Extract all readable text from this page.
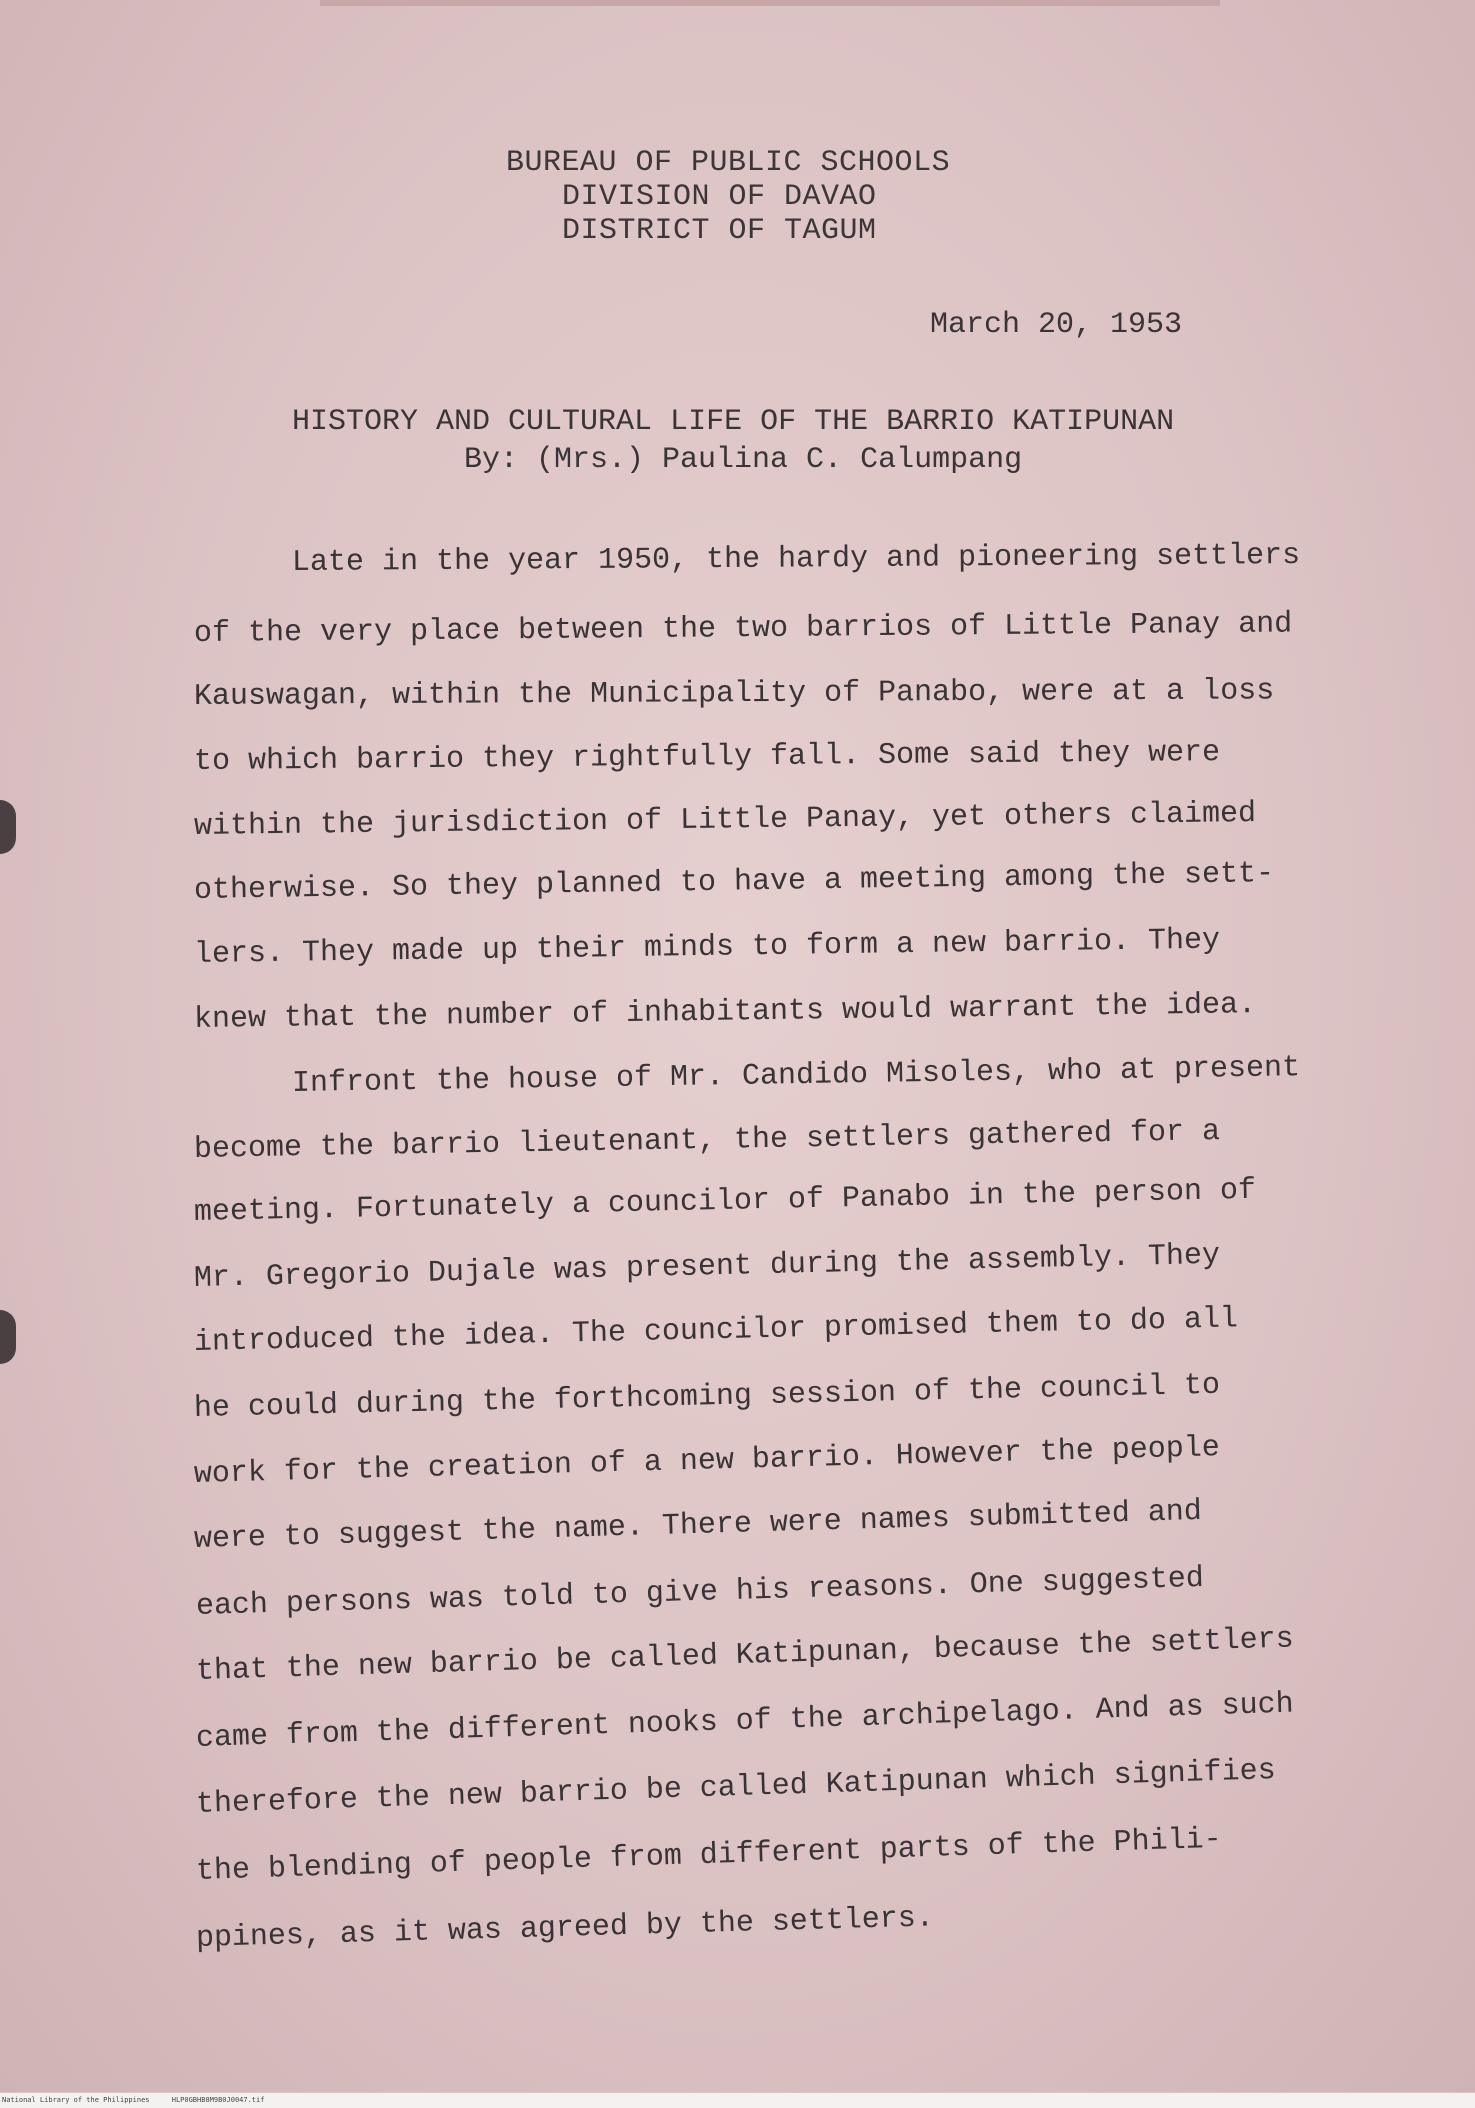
BUREAU OF PUBLIC SCHOOLS
DIVISION OF DAVAO
DISTRICT OF TAGUM
March 20, 1953
HISTORY AND CULTURAL LIFE OF THE BARRIO KATIPUNAN
By: (Mrs.) Paulina C. Calumpang
Late in the year 1950, the hardy and pioneering settlers
of the very place between the two barrios of Little Panay and
Kauswagan, within the Municipality of Panabo, were at a loss
to which barrio they rightfully fall. Some said they were
within the jurisdiction of Little Panay, yet others claimed
otherwise. So they planned to have a meeting among the sett-
lers. They made up their minds to form a new barrio. They
knew that the number of inhabitants would warrant the idea.
Infront the house of Mr. Candido Misoles, who at present
become the barrio lieutenant, the settlers gathered for a
meeting. Fortunately a councilor of Panabo in the person of
Mr. Gregorio Dujale was present during the assembly. They
introduced the idea. The councilor promised them to do all
he could during the forthcoming session of the council to
work for the creation of a new barrio. However the people
were to suggest the name. There were names submitted and
each persons was told to give his reasons. One suggested
that the new barrio be called Katipunan, because the settlers
came from the different nooks of the archipelago. And as such
therefore the new barrio be called Katipunan which signifies
the blending of people from different parts of the Phili-
ppines, as it was agreed by the settlers.
National Library of the Philippines	HLP0GBHB8M9B0J0047.tif
